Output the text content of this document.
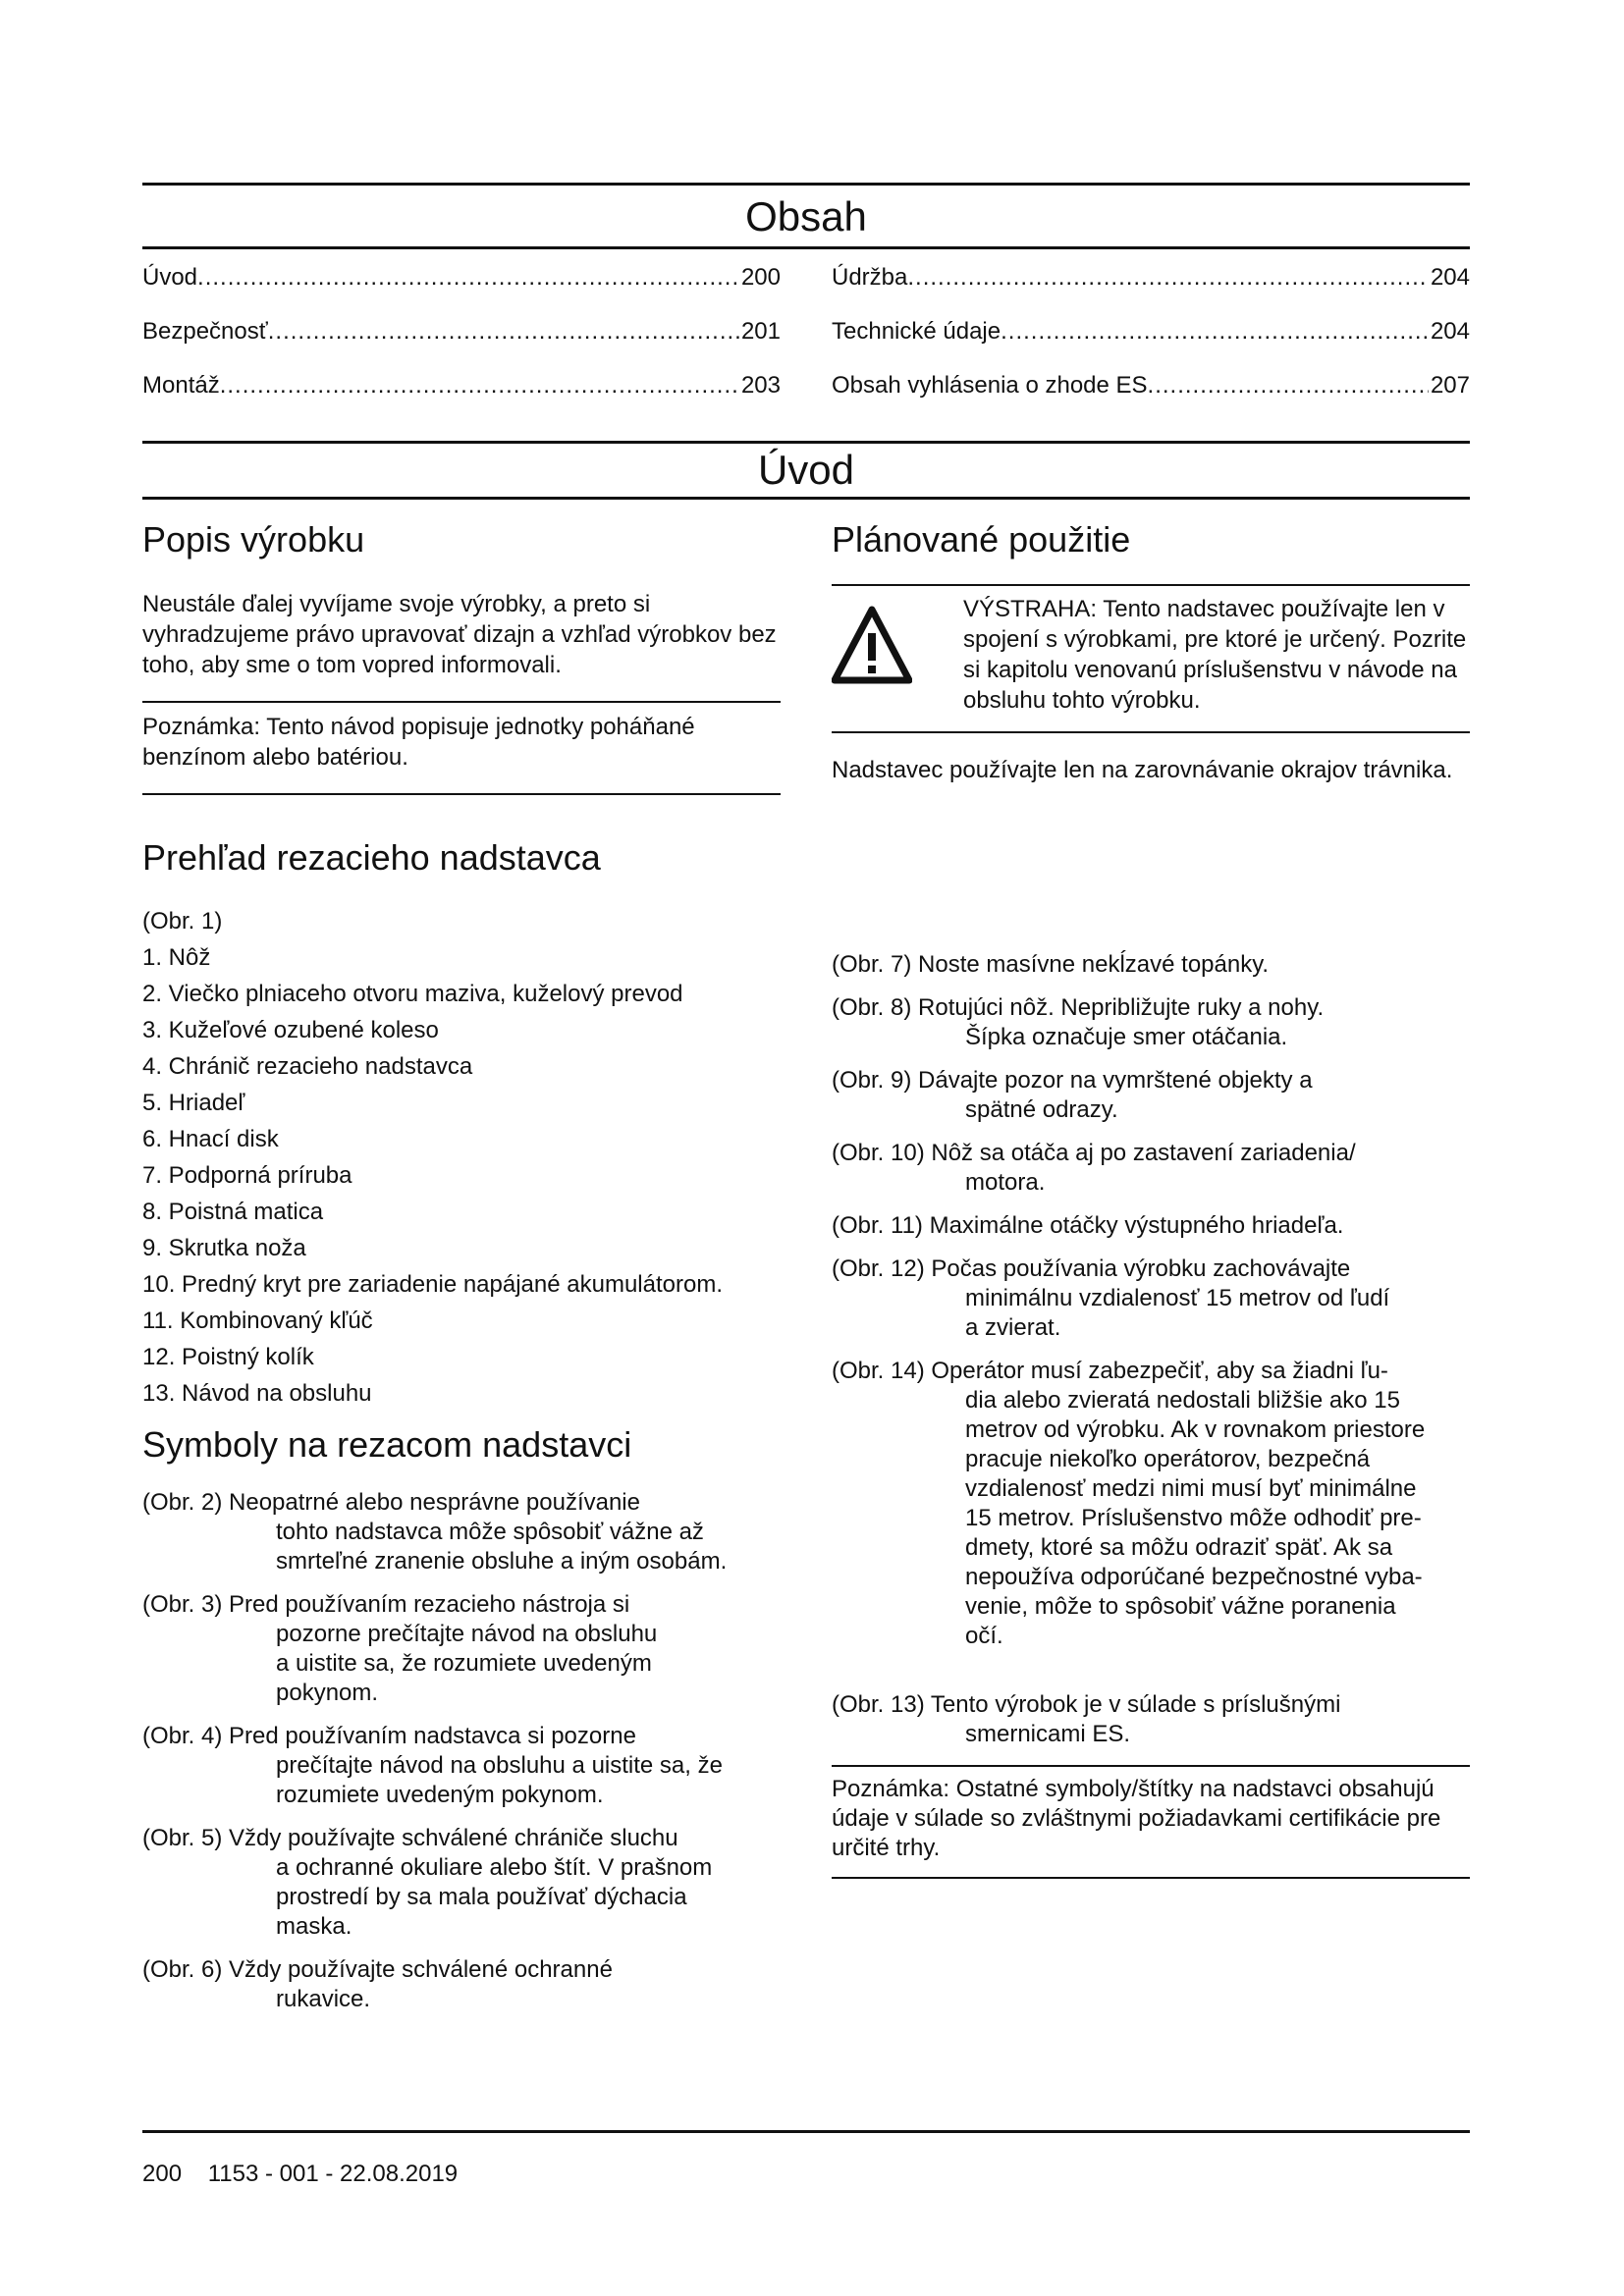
Obsah
Úvod .....	200
Bezpečnosť .....	201
Montáž .....	203
Údržba .....	204
Technické údaje .....	204
Obsah vyhlásenia o zhode ES .....	207
Úvod
Popis výrobku

Neustále ďalej vyvíjame svoje výrobky, a preto si vyhradzujeme právo upravovať dizajn a vzhľad výrobkov bez toho, aby sme o tom vopred informovali.

Poznámka: Tento návod popisuje jednotky poháňané benzínom alebo batériou.

Plánované použitie
VÝSTRAHA: Tento nadstavec používajte len v spojení s výrobkami, pre ktoré je určený. Pozrite si kapitolu venovanú príslušenstvu v návode na obsluhu tohto výrobku.

Nadstavec používajte len na zarovnávanie okrajov trávnika.

Prehľad rezacieho nadstavca

(Obr. 1)

1. Nôž
2. Viečko plniaceho otvoru maziva, kuželový prevod
3. Kužeľové ozubené koleso
4. Chránič rezacieho nadstavca
5. Hriadeľ
6. Hnací disk
7. Podporná príruba
8. Poistná matica
9. Skrutka noža
10. Predný kryt pre zariadenie napájané akumulátorom.
11. Kombinovaný kľúč
12. Poistný kolík
13. Návod na obsluhu
Symboly na rezacom nadstavci
(Obr. 2) Neopatrné alebo nesprávne používanie
tohto nadstavca môže spôsobiť vážne až
smrteľné zranenie obsluhe a iným osobám.
(Obr. 3) Pred používaním rezacieho nástroja si
pozorne prečítajte návod na obsluhu
a uistite sa, že rozumiete uvedeným
pokynom.
(Obr. 4) Pred používaním nadstavca si pozorne
prečítajte návod na obsluhu a uistite sa, že
rozumiete uvedeným pokynom.
(Obr. 5) Vždy používajte schválené chrániče sluchu
a ochranné okuliare alebo štít. V prašnom
prostredí by sa mala používať dýchacia
maska.
(Obr. 6) Vždy používajte schválené ochranné
rukavice.
(Obr. 7) Noste masívne nekĺzavé topánky.
(Obr. 8) Rotujúci nôž. Nepribližujte ruky a nohy.
Šípka označuje smer otáčania.
(Obr. 9) Dávajte pozor na vymrštené objekty a
spätné odrazy.
(Obr. 10) Nôž sa otáča aj po zastavení zariadenia/
motora.
(Obr. 11) Maximálne otáčky výstupného hriadeľa.
(Obr. 12) Počas používania výrobku zachovávajte
minimálnu vzdialenosť 15 metrov od ľudí
a zvierat.
(Obr. 14) Operátor musí zabezpečiť, aby sa žiadni ľu-
dia alebo zvieratá nedostali bližšie ako 15
metrov od výrobku. Ak v rovnakom priestore
pracuje niekoľko operátorov, bezpečná
vzdialenosť medzi nimi musí byť minimálne
15 metrov. Príslušenstvo môže odhodiť pre-
dmety, ktoré sa môžu odraziť späť. Ak sa
nepoužíva odporúčané bezpečnostné vyba-
venie, môže to spôsobiť vážne poranenia
očí.
(Obr. 13) Tento výrobok je v súlade s príslušnými
smernicami ES.

Poznámka: Ostatné symboly/štítky na nadstavci obsahujú údaje v súlade so zvláštnymi požiadavkami certifikácie pre určité trhy.

200    1153 - 001 - 22.08.2019
